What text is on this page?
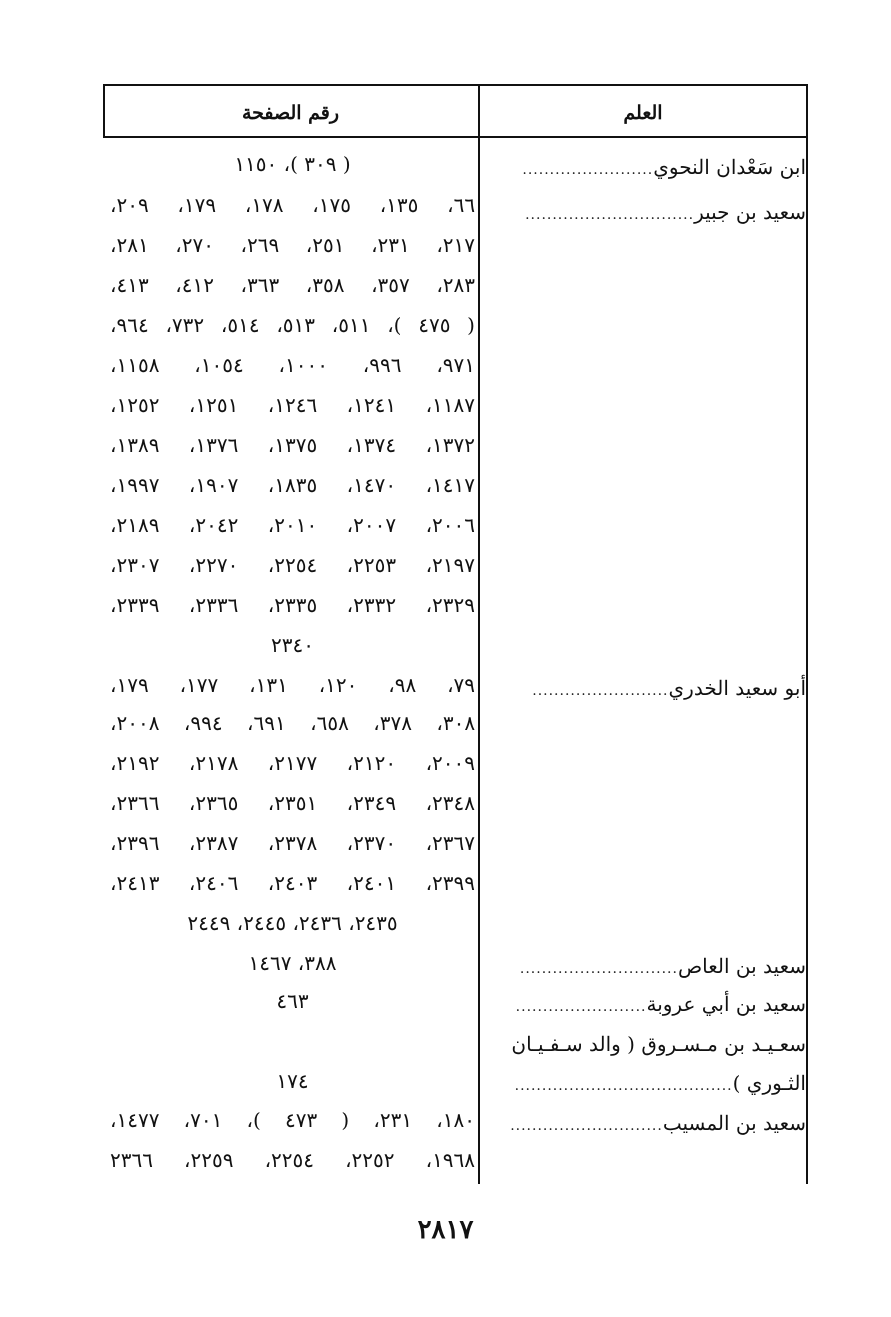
رقم الصفحة	العلم
ابن سَعْدان النحوي........................
سعيد بن جبير...............................
أبو سعيد الخدري.........................
سعيد بن العاص.............................
سعيد بن أبي عروبة........................
سعـيـد بن مـسـروق ( والد سـفـيـان
الثـوري )........................................
سعيد بن المسيب............................
( ٣٠٩ )، ١١٥٠
٦٦، ١٣٥، ١٧٥، ١٧٨، ١٧٩، ٢٠٩،
٢١٧، ٢٣١، ٢٥١، ٢٦٩، ٢٧٠، ٢٨١،
٢٨٣، ٣٥٧، ٣٥٨، ٣٦٣، ٤١٢، ٤١٣،
( ٤٧٥ )، ٥١١، ٥١٣، ٥١٤، ٧٣٢، ٩٦٤،
٩٧١، ٩٩٦، ١٠٠٠، ١٠٥٤، ١١٥٨،
١١٨٧، ١٢٤١، ١٢٤٦، ١٢٥١، ١٢٥٢،
١٣٧٢، ١٣٧٤، ١٣٧٥، ١٣٧٦، ١٣٨٩،
١٤١٧، ١٤٧٠، ١٨٣٥، ١٩٠٧، ١٩٩٧،
٢٠٠٦، ٢٠٠٧، ٢٠١٠، ٢٠٤٢، ٢١٨٩،
٢١٩٧، ٢٢٥٣، ٢٢٥٤، ٢٢٧٠، ٢٣٠٧،
٢٣٢٩، ٢٣٣٢، ٢٣٣٥، ٢٣٣٦، ٢٣٣٩،
٢٣٤٠
٧٩، ٩٨، ١٢٠، ١٣١، ١٧٧، ١٧٩،
٣٠٨، ٣٧٨، ٦٥٨، ٦٩١، ٩٩٤، ٢٠٠٨،
٢٠٠٩، ٢١٢٠، ٢١٧٧، ٢١٧٨، ٢١٩٢،
٢٣٤٨، ٢٣٤٩، ٢٣٥١، ٢٣٦٥، ٢٣٦٦،
٢٣٦٧، ٢٣٧٠، ٢٣٧٨، ٢٣٨٧، ٢٣٩٦،
٢٣٩٩، ٢٤٠١، ٢٤٠٣، ٢٤٠٦، ٢٤١٣،
٢٤٣٥، ٢٤٣٦، ٢٤٤٥، ٢٤٤٩
٣٨٨، ١٤٦٧
٤٦٣
١٧٤
١٨٠، ٢٣١، ( ٤٧٣ )، ٧٠١، ١٤٧٧،
١٩٦٨، ٢٢٥٢، ٢٢٥٤، ٢٢٥٩، ٢٣٦٦
٢٨١٧
